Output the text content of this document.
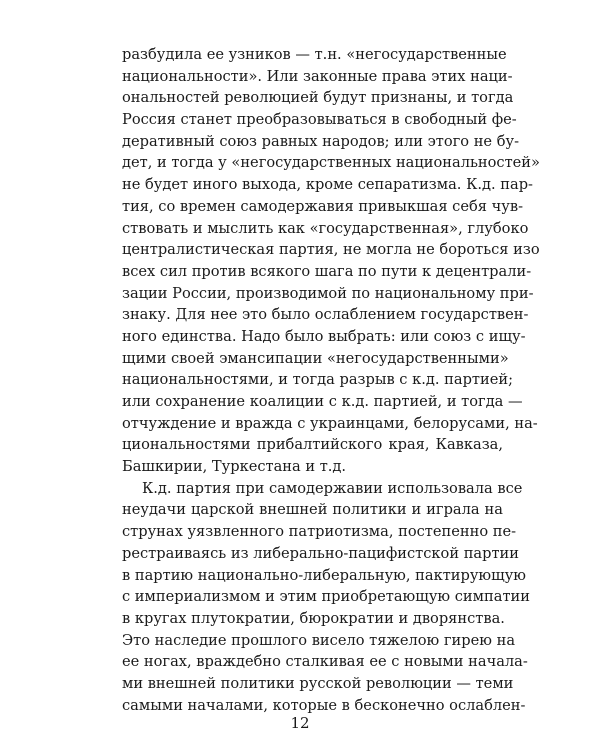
разбудила ее узников — т.н. «негосударственные
национальности». Или законные права этих наци-
ональностей революцией будут признаны, и тогда
Россия станет преобразовываться в свободный фе-
деративный союз равных народов; или этого не бу-
дет, и тогда у «негосударственных национальностей»
не будет иного выхода, кроме сепаратизма. К.д. пар-
тия, со времен самодержавия привыкшая себя чув-
ствовать и мыслить как «государственная», глубоко
централистическая партия, не могла не бороться изо
всех сил против всякого шага по пути к децентрали-
зации России, производимой по национальному при-
знаку. Для нее это было ослаблением государствен-
ного единства. Надо было выбрать: или союз с ищу-
щими своей эмансипации «негосударственными»
национальностями, и тогда разрыв с к.д. партией;
или сохранение коалиции с к.д. партией, и тогда —
отчуждение и вражда с украинцами, белорусами, на-
циональностями прибалтийского края, Кавказа,
Башкирии, Туркестана и т.д.
К.д. партия при самодержавии использовала все
неудачи царской внешней политики и играла на
струнах уязвленного патриотизма, постепенно пе-
рестраиваясь из либерально-пацифистской партии
в партию национально-либеральную, пактирующую
с империализмом и этим приобретающую симпатии
в кругах плутократии, бюрократии и дворянства.
Это наследие прошлого висело тяжелою гирею на
ее ногах, враждебно сталкивая ее с новыми начала-
ми внешней политики русской революции — теми
самыми началами, которые в бесконечно ослаблен-
12
